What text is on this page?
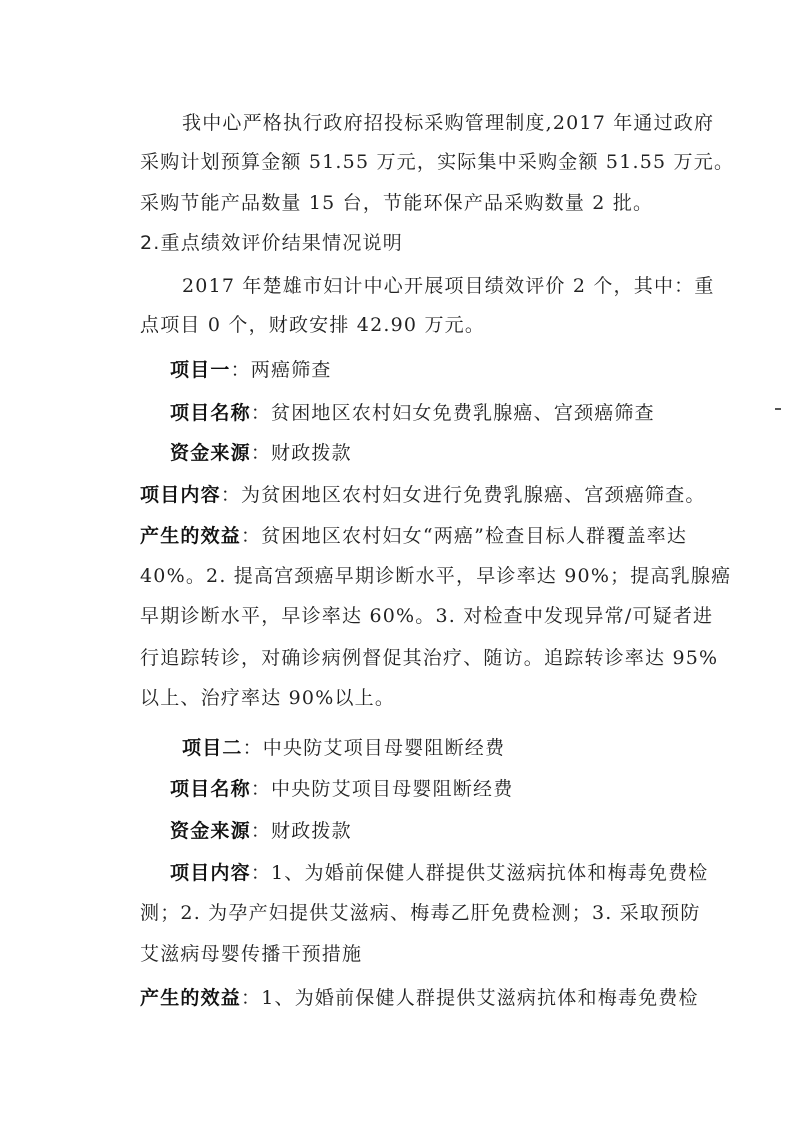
我中心严格执行政府招投标采购管理制度,2017 年通过政府
采购计划预算金额 51.55 万元，实际集中采购金额 51.55 万元。
采购节能产品数量 15 台，节能环保产品采购数量 2 批。
2.重点绩效评价结果情况说明
2017 年楚雄市妇计中心开展项目绩效评价 2 个，其中：重
点项目 0 个，财政安排 42.90 万元。
项目一：两癌筛查
项目名称：贫困地区农村妇女免费乳腺癌、宫颈癌筛查
资金来源：财政拨款
项目内容：为贫困地区农村妇女进行免费乳腺癌、宫颈癌筛查。
产生的效益：贫困地区农村妇女“两癌”检查目标人群覆盖率达
40%。2. 提高宫颈癌早期诊断水平，早诊率达 90%；提高乳腺癌
早期诊断水平，早诊率达 60%。3. 对检查中发现异常/可疑者进
行追踪转诊，对确诊病例督促其治疗、随访。追踪转诊率达 95%
以上、治疗率达 90%以上。
项目二：中央防艾项目母婴阻断经费
项目名称：中央防艾项目母婴阻断经费
资金来源：财政拨款
项目内容：1、为婚前保健人群提供艾滋病抗体和梅毒免费检
测；2. 为孕产妇提供艾滋病、梅毒乙肝免费检测；3. 采取预防
艾滋病母婴传播干预措施
产生的效益：1、为婚前保健人群提供艾滋病抗体和梅毒免费检
